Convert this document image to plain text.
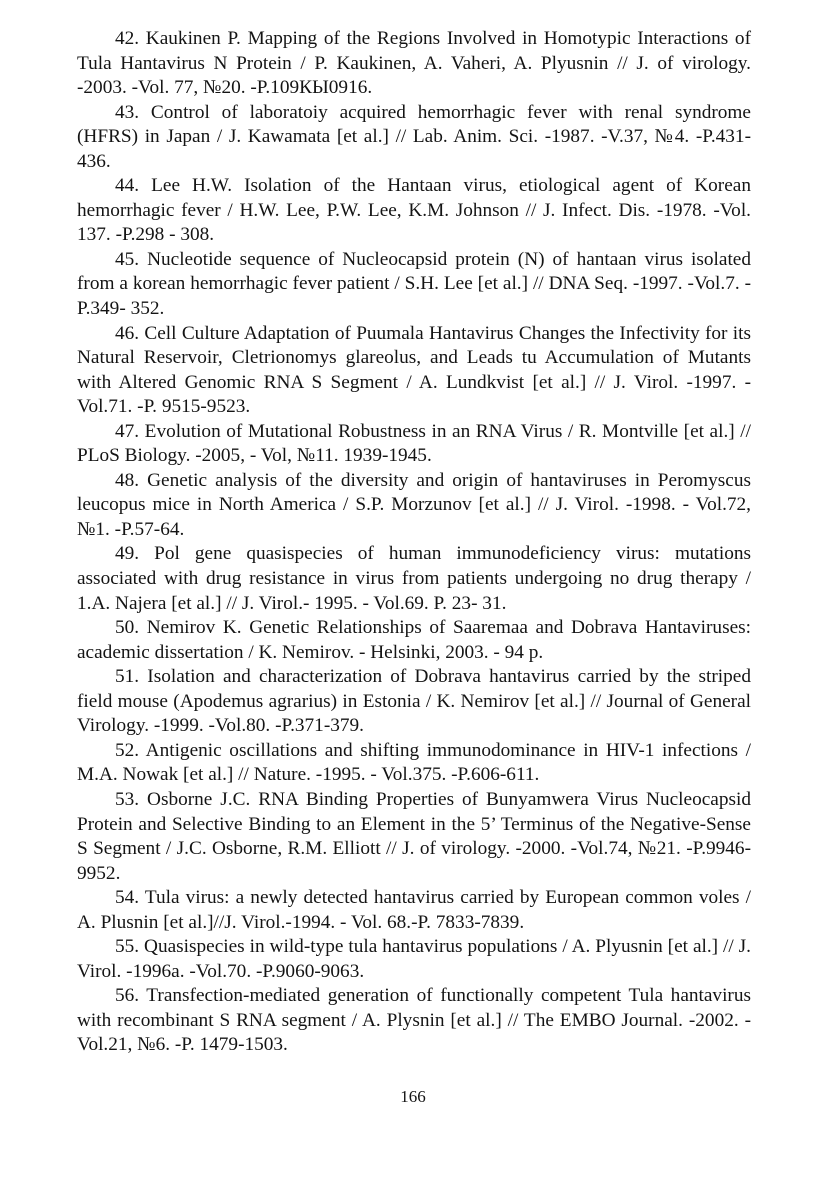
42. Kaukinen P. Mapping of the Regions Involved in Homotypic Interactions of Tula Hantavirus N Protein / P. Kaukinen, A. Vaheri, A. Plyusnin // J. of virology. -2003. -Vol. 77, №20. -P.109КЫ0916.

43. Control of laboratoiy acquired hemorrhagic fever with renal syndrome (HFRS) in Japan / J. Kawamata [et al.] // Lab. Anim. Sci. -1987. -V.37, №4. -P.431-436.

44. Lee H.W. Isolation of the Hantaan virus, etiological agent of Korean hemorrhagic fever / H.W. Lee, P.W. Lee, K.M. Johnson // J. Infect. Dis. -1978. -Vol. 137. -P.298 - 308.

45. Nucleotide sequence of Nucleocapsid protein (N) of hantaan virus isolated from a korean hemorrhagic fever patient / S.H. Lee [et al.] // DNA Seq. -1997. -Vol.7. -P.349- 352.

46. Cell Culture Adaptation of Puumala Hantavirus Changes the Infectivity for its Natural Reservoir, Cletrionomys glareolus, and Leads tu Accumulation of Mutants with Altered Genomic RNA S Segment / A. Lundkvist [et al.] // J. Virol. -1997. - Vol.71. -P. 9515-9523.

47. Evolution of Mutational Robustness in an RNA Virus / R. Montville [et al.] // PLoS Biology. -2005, - Vol, №11. 1939-1945.

48. Genetic analysis of the diversity and origin of hantaviruses in Peromyscus leucopus mice in North America / S.P. Morzunov [et al.] // J. Virol. -1998. - Vol.72, №1. -P.57-64.

49. Pol gene quasispecies of human immunodeficiency virus: mutations associated with drug resistance in virus from patients undergoing no drug therapy / 1.A. Najera [et al.] // J. Virol.- 1995. - Vol.69. P. 23- 31.

50. Nemirov K. Genetic Relationships of Saaremaa and Dobrava Hantaviruses: academic dissertation / K. Nemirov. - Helsinki, 2003. - 94 p.

51. Isolation and characterization of Dobrava hantavirus carried by the striped field mouse (Apodemus agrarius) in Estonia / K. Nemirov [et al.] // Journal of General Virology. -1999. -Vol.80. -P.371-379.

52. Antigenic oscillations and shifting immunodominance in HIV-1 infections / M.A. Nowak [et al.] // Nature. -1995. - Vol.375. -P.606-611.

53. Osborne J.C. RNA Binding Properties of Bunyamwera Virus Nucleocapsid Protein and Selective Binding to an Element in the 5’ Terminus of the Negative-Sense S Segment / J.C. Osborne, R.M. Elliott // J. of virology. -2000. -Vol.74, №21. -P.9946-9952.

54. Tula virus: a newly detected hantavirus carried by European common voles / A. Plusnin [et al.]//J. Virol.-1994. - Vol. 68.-P. 7833-7839.

55. Quasispecies in wild-type tula hantavirus populations / A. Plyusnin [et al.] // J. Virol. -1996a. -Vol.70. -P.9060-9063.

56. Transfection-mediated generation of functionally competent Tula hantavirus with recombinant S RNA segment / A. Plysnin [et al.] // The EMBO Journal. -2002. -Vol.21, №6. -P. 1479-1503.

166
